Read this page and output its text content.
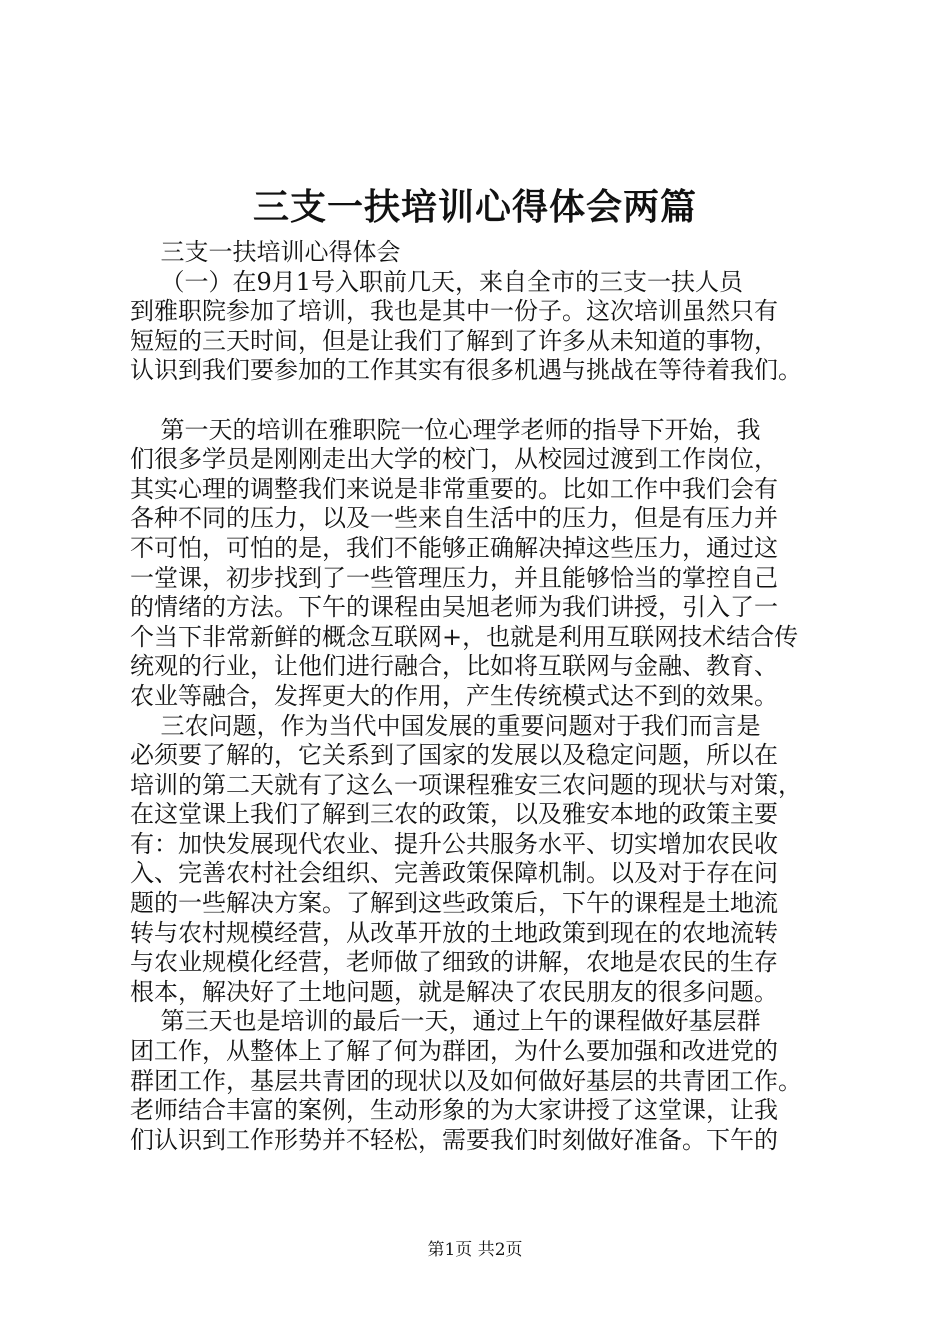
三支一扶培训心得体会两篇
三支一扶培训心得体会
（一）在9月1号入职前几天，来自全市的三支一扶人员
到雅职院参加了培训，我也是其中一份子。这次培训虽然只有
短短的三天时间，但是让我们了解到了许多从未知道的事物，
认识到我们要参加的工作其实有很多机遇与挑战在等待着我们。
第一天的培训在雅职院一位心理学老师的指导下开始，我
们很多学员是刚刚走出大学的校门，从校园过渡到工作岗位，
其实心理的调整我们来说是非常重要的。比如工作中我们会有
各种不同的压力，以及一些来自生活中的压力，但是有压力并
不可怕，可怕的是，我们不能够正确解决掉这些压力，通过这
一堂课，初步找到了一些管理压力，并且能够恰当的掌控自己
的情绪的方法。下午的课程由吴旭老师为我们讲授，引入了一
个当下非常新鲜的概念互联网+，也就是利用互联网技术结合传
统观的行业，让他们进行融合，比如将互联网与金融、教育、
农业等融合，发挥更大的作用，产生传统模式达不到的效果。
三农问题，作为当代中国发展的重要问题对于我们而言是
必须要了解的，它关系到了国家的发展以及稳定问题，所以在
培训的第二天就有了这么一项课程雅安三农问题的现状与对策，
在这堂课上我们了解到三农的政策，以及雅安本地的政策主要
有：加快发展现代农业、提升公共服务水平、切实增加农民收
入、完善农村社会组织、完善政策保障机制。以及对于存在问
题的一些解决方案。了解到这些政策后，下午的课程是土地流
转与农村规模经营，从改革开放的土地政策到现在的农地流转
与农业规模化经营，老师做了细致的讲解，农地是农民的生存
根本，解决好了土地问题，就是解决了农民朋友的很多问题。
第三天也是培训的最后一天，通过上午的课程做好基层群
团工作，从整体上了解了何为群团，为什么要加强和改进党的
群团工作，基层共青团的现状以及如何做好基层的共青团工作。
老师结合丰富的案例，生动形象的为大家讲授了这堂课，让我
们认识到工作形势并不轻松，需要我们时刻做好准备。下午的
第1页 共2页
